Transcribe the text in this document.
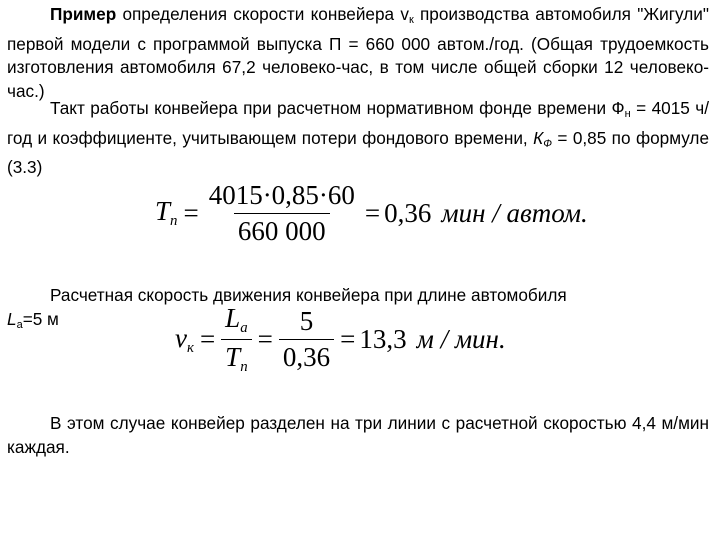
Пример определения скорости конвейера $v_к$ производства автомобиля "Жигули" первой модели с программой выпуска П = 660 000 автом./год. (Общая трудоемкость изготовления автомобиля 67,2 человеко-час, в том числе общей сборки 12 человеко-час.)

Такт работы конвейера при расчетном нормативном фонде времени $Ф_н = 4015$ ч/год и коэффициенте, учитывающем потери фондового времени, $К_Ф = 0,85$ по формуле (3.3)

Tп = $\frac{4015\cdot 0,85\cdot 60}{660 000} = 0,36$ мин / автом.

Расчетная скорость движения конвейера при длине автомобиля
$L_а=5$ м

vк = $\frac{La}{Tп} = \frac{5}{0,36} = 13,3$ м / мин.

В этом случае конвейер разделен на три линии с расчетной скоростью 4,4 м/мин каждая.
